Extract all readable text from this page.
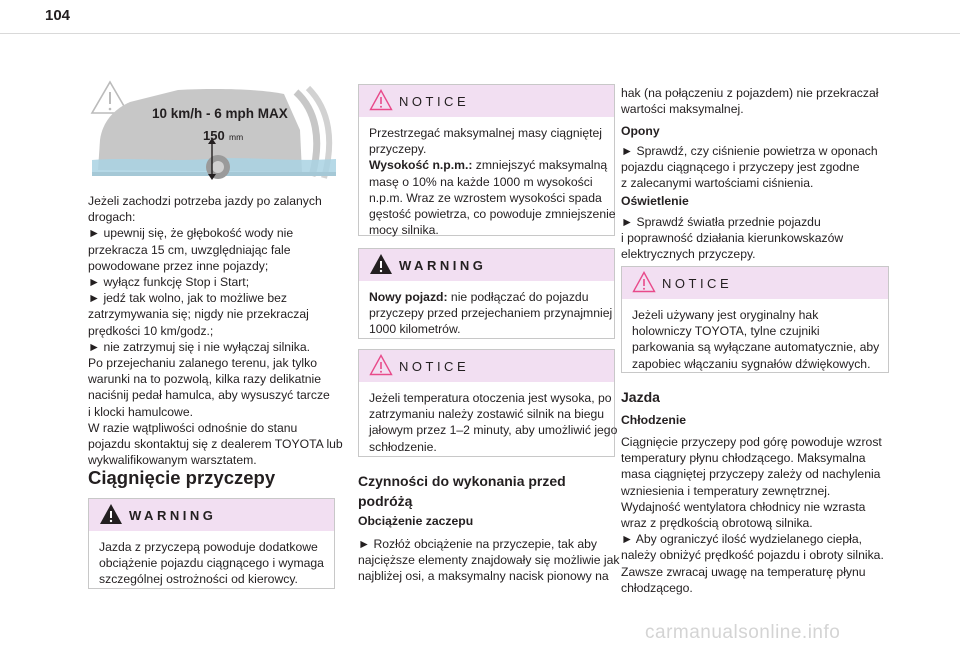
104
10 km/h - 6 mph MAX
150 mm
Jeżeli zachodzi potrzeba jazdy po zalanych
drogach:
► upewnij się, że głębokość wody nie
przekracza 15 cm, uwzględniając fale
powodowane przez inne pojazdy;
► wyłącz funkcję Stop i Start;
► jedź tak wolno, jak to możliwe bez
zatrzymywania się; nigdy nie przekraczaj
prędkości 10 km/godz.;
► nie zatrzymuj się i nie wyłączaj silnika.
Po przejechaniu zalanego terenu, jak tylko
warunki na to pozwolą, kilka razy delikatnie
naciśnij pedał hamulca, aby wysuszyć tarcze
i klocki hamulcowe.
W razie wątpliwości odnośnie do stanu
pojazdu skontaktuj się z dealerem TOYOTA lub
wykwalifikowanym warsztatem.
Ciągnięcie przyczepy
WARNING
Jazda z przyczepą powoduje dodatkowe
obciążenie pojazdu ciągnącego i wymaga
szczególnej ostrożności od kierowcy.
NOTICE
Przestrzegać maksymalnej masy ciągniętej
przyczepy.
Wysokość n.p.m.: zmniejszyć maksymalną
masę o 10% na każde 1000 m wysokości
n.p.m. Wraz ze wzrostem wysokości spada
gęstość powietrza, co powoduje zmniejszenie
mocy silnika.
WARNING
Nowy pojazd: nie podłączać do pojazdu
przyczepy przed przejechaniem przynajmniej
1000 kilometrów.
NOTICE
Jeżeli temperatura otoczenia jest wysoka, po
zatrzymaniu należy zostawić silnik na biegu
jałowym przez 1–2 minuty, aby umożliwić jego
schłodzenie.
Czynności do wykonania przed
podróżą
Obciążenie zaczepu
► Rozłóż obciążenie na przyczepie, tak aby
najcięższe elementy znajdowały się możliwie jak
najbliżej osi, a maksymalny nacisk pionowy na
hak (na połączeniu z pojazdem) nie przekraczał
wartości maksymalnej.
Opony
► Sprawdź, czy ciśnienie powietrza w oponach
pojazdu ciągnącego i przyczepy jest zgodne
z zalecanymi wartościami ciśnienia.
Oświetlenie
► Sprawdź światła przednie pojazdu
i poprawność działania kierunkowskazów
elektrycznych przyczepy.
NOTICE
Jeżeli używany jest oryginalny hak
holowniczy TOYOTA, tylne czujniki
parkowania są wyłączane automatycznie, aby
zapobiec włączaniu sygnałów dźwiękowych.
Jazda
Chłodzenie
Ciągnięcie przyczepy pod górę powoduje wzrost
temperatury płynu chłodzącego. Maksymalna
masa ciągniętej przyczepy zależy od nachylenia
wzniesienia i temperatury zewnętrznej.
Wydajność wentylatora chłodnicy nie wzrasta
wraz z prędkością obrotową silnika.
► Aby ograniczyć ilość wydzielanego ciepła,
należy obniżyć prędkość pojazdu i obroty silnika.
Zawsze zwracaj uwagę na temperaturę płynu
chłodzącego.
carmanualsonline.info
